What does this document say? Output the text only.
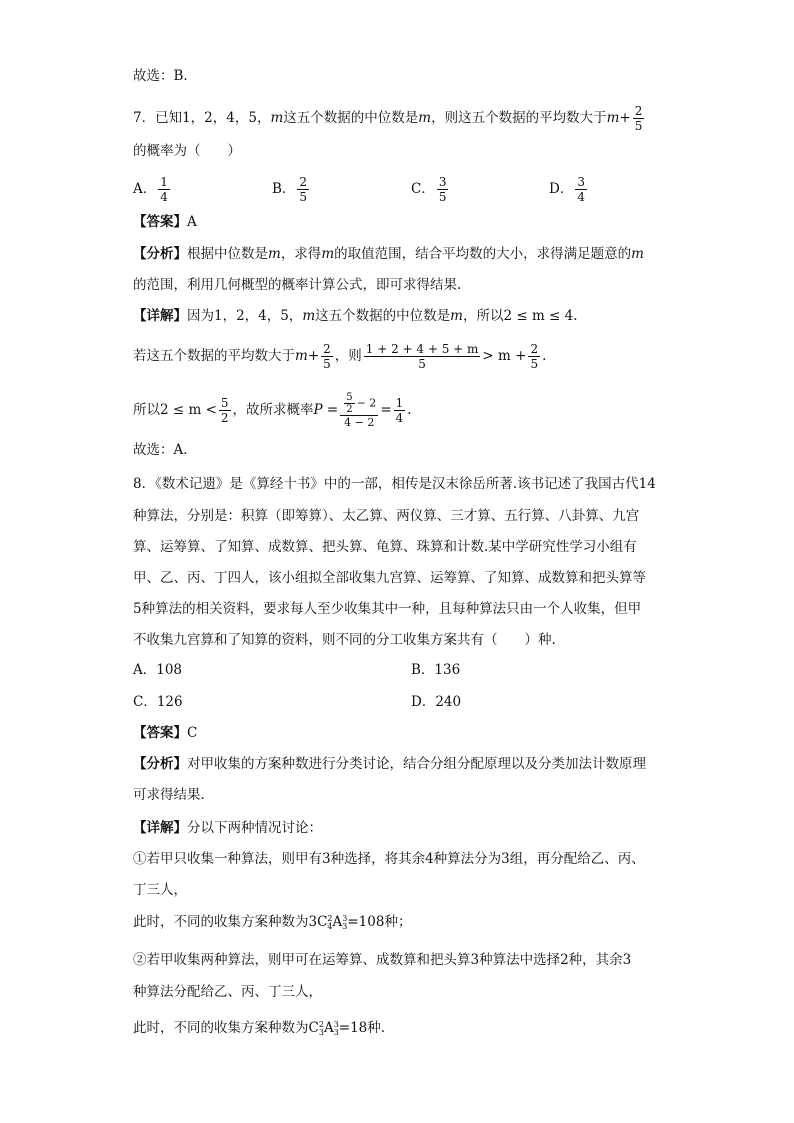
故选：B.
7．已知1，2，4，5，m这五个数据的中位数是m，则这五个数据的平均数大于$m+ \frac{2}{5}$
的概率为（　　）
A． $\frac{1}{4}$	B． $\frac{2}{5}$	C． $\frac{3}{5}$	D． $\frac{3}{4}$
【答案】A
【分析】根据中位数是m，求得m的取值范围，结合平均数的大小，求得满足题意的m
的范围，利用几何概型的概率计算公式，即可求得结果.
【详解】因为1，2，4，5，m这五个数据的中位数是m，所以2 ≤ m ≤ 4.
若这五个数据的平均数大于$m+ \frac{2}{5}$ ，则 $\frac{1 + 2 + 4 + 5 + m}{5} > m + \frac{2}{5}$ .
所以$2 \le m < \frac{5}{2}$ ，故所求概率$P = \frac{\frac{5}{2} - 2}{4 - 2} = \frac{1}{4}$ .
故选：A．
8．《数术记遗》是《算经十书》中的一部，相传是汉末徐岳所著.该书记述了我国古代14
种算法，分别是：积算（即筹算）、太乙算、两仪算、三才算、五行算、八卦算、九宫
算、运筹算、了知算、成数算、把头算、龟算、珠算和计数.某中学研究性学习小组有
甲、乙、丙、丁四人，该小组拟全部收集九宫算、运筹算、了知算、成数算和把头算等
5种算法的相关资料，要求每人至少收集其中一种，且每种算法只由一个人收集，但甲
不收集九宫算和了知算的资料，则不同的分工收集方案共有（　　）种.
A．108	B．136
C．126	D．240
【答案】C
【分析】对甲收集的方案种数进行分类讨论，结合分组分配原理以及分类加法计数原理
可求得结果.
【详解】分以下两种情况讨论：
①若甲只收集一种算法，则甲有3种选择，将其余4种算法分为3组，再分配给乙、丙、
丁三人，
此时，不同的收集方案种数为3C 2
4 A 3
3 =108种；
②若甲收集两种算法，则甲可在运筹算、成数算和把头算3种算法中选择2种，其余3
种算法分配给乙、丙、丁三人，
此时，不同的收集方案种数为C 2
3 A 3
3 =18种.
